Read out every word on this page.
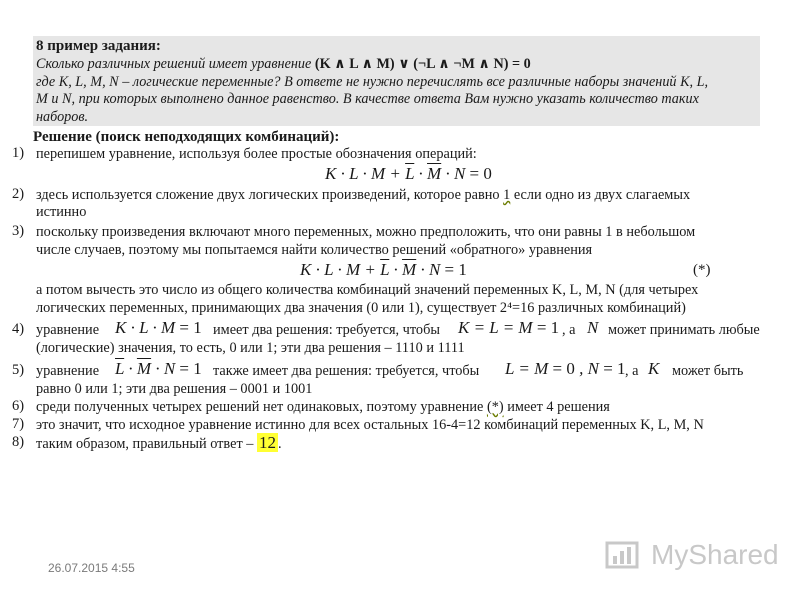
8 пример задания:
Сколько различных решений имеет уравнение (K ∧ L ∧ M) ∨ (¬L ∧ ¬M ∧ N) = 0
где K, L, M, N – логические переменные? В ответе не нужно перечислять все различные наборы значений K, L,
M и N, при которых выполнено данное равенство. В качестве ответа Вам нужно указать количество таких
наборов.
Решение (поиск неподходящих комбинаций):
1) перепишем уравнение, используя более простые обозначения операций:
$K \cdot L \cdot M + \overline{L} \cdot \overline{M} \cdot N = 0$
2) здесь используется сложение двух логических произведений, которое равно 1 если одно из двух слагаемых
истинно
3) поскольку произведения включают много переменных, можно предположить, что они равны 1 в небольшом
числе случаев, поэтому мы попытаемся найти количество решений «обратного» уравнения
$K \cdot L \cdot M + \overline{L} \cdot \overline{M} \cdot N = 1$	(*)
а потом вычесть это число из общего количества комбинаций значений переменных K, L, M, N (для четырех
логических переменных, принимающих два значения (0 или 1), существует 2⁴=16 различных комбинаций)
4) уравнение K · L · M = 1 имеет два решения: требуется, чтобы K = L = M = 1 , а N может принимать любые
(логические) значения, то есть, 0 или 1; эти два решения – 1110 и 1111
5) уравнение $\overline{L} \cdot \overline{M} \cdot N = 1$ также имеет два решения: требуется, чтобы L = M = 0 , N = 1 , а K может быть
равно 0 или 1; эти два решения – 0001 и 1001
6) среди полученных четырех решений нет одинаковых, поэтому уравнение (*) имеет 4 решения
7) это значит, что исходное уравнение истинно для всех остальных 16-4=12 комбинаций переменных K, L, M, N
8) таким образом, правильный ответ – 12 .
26.07.2015 4:55	MyShared
